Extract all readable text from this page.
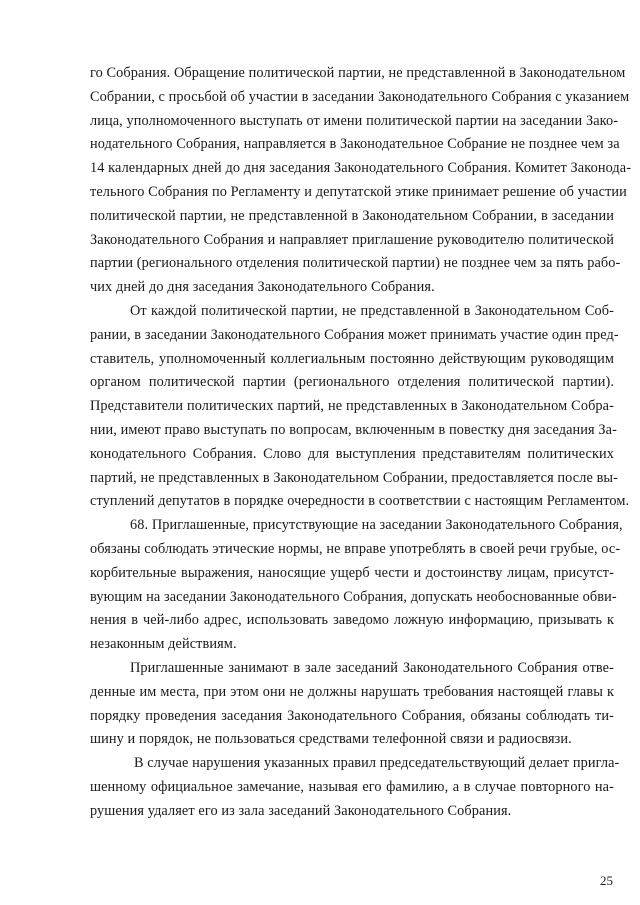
го Собрания. Обращение политической партии, не представленной в Законодательном
Собрании, с просьбой об участии в заседании Законодательного Собрания с указанием
лица, уполномоченного выступать от имени политической партии на заседании Зако-
нодательного Собрания, направляется в Законодательное Собрание не позднее чем за
14 календарных дней до дня заседания Законодательного Собрания. Комитет Законода-
тельного Собрания по Регламенту и депутатской этике принимает решение об участии
политической партии, не представленной в Законодательном Собрании, в заседании
Законодательного Собрания и направляет приглашение руководителю политической
партии (регионального отделения политической партии) не позднее чем за пять рабо-
чих дней до дня заседания Законодательного Собрания.
От каждой политической партии, не представленной в Законодательном Соб-
рании, в заседании Законодательного Собрания может принимать участие один пред-
ставитель, уполномоченный коллегиальным постоянно действующим руководящим
органом политической партии (регионального отделения политической партии).
Представители политических партий, не представленных в Законодательном Собра-
нии, имеют право выступать по вопросам, включенным в повестку дня заседания За-
конодательного Собрания. Слово для выступления представителям политических
партий, не представленных в Законодательном Собрании, предоставляется после вы-
ступлений депутатов в порядке очередности в соответствии с настоящим Регламентом.
68. Приглашенные, присутствующие на заседании Законодательного Собрания,
обязаны соблюдать этические нормы, не вправе употреблять в своей речи грубые, ос-
корбительные выражения, наносящие ущерб чести и достоинству лицам, присутст-
вующим на заседании Законодательного Собрания, допускать необоснованные обви-
нения в чей-либо адрес, использовать заведомо ложную информацию, призывать к
незаконным действиям.
Приглашенные занимают в зале заседаний Законодательного Собрания отве-
денные им места, при этом они не должны нарушать требования настоящей главы к
порядку проведения заседания Законодательного Собрания, обязаны соблюдать ти-
шину и порядок, не пользоваться средствами телефонной связи и радиосвязи.
В случае нарушения указанных правил председательствующий делает пригла-
шенному официальное замечание, называя его фамилию, а в случае повторного на-
рушения удаляет его из зала заседаний Законодательного Собрания.
25
